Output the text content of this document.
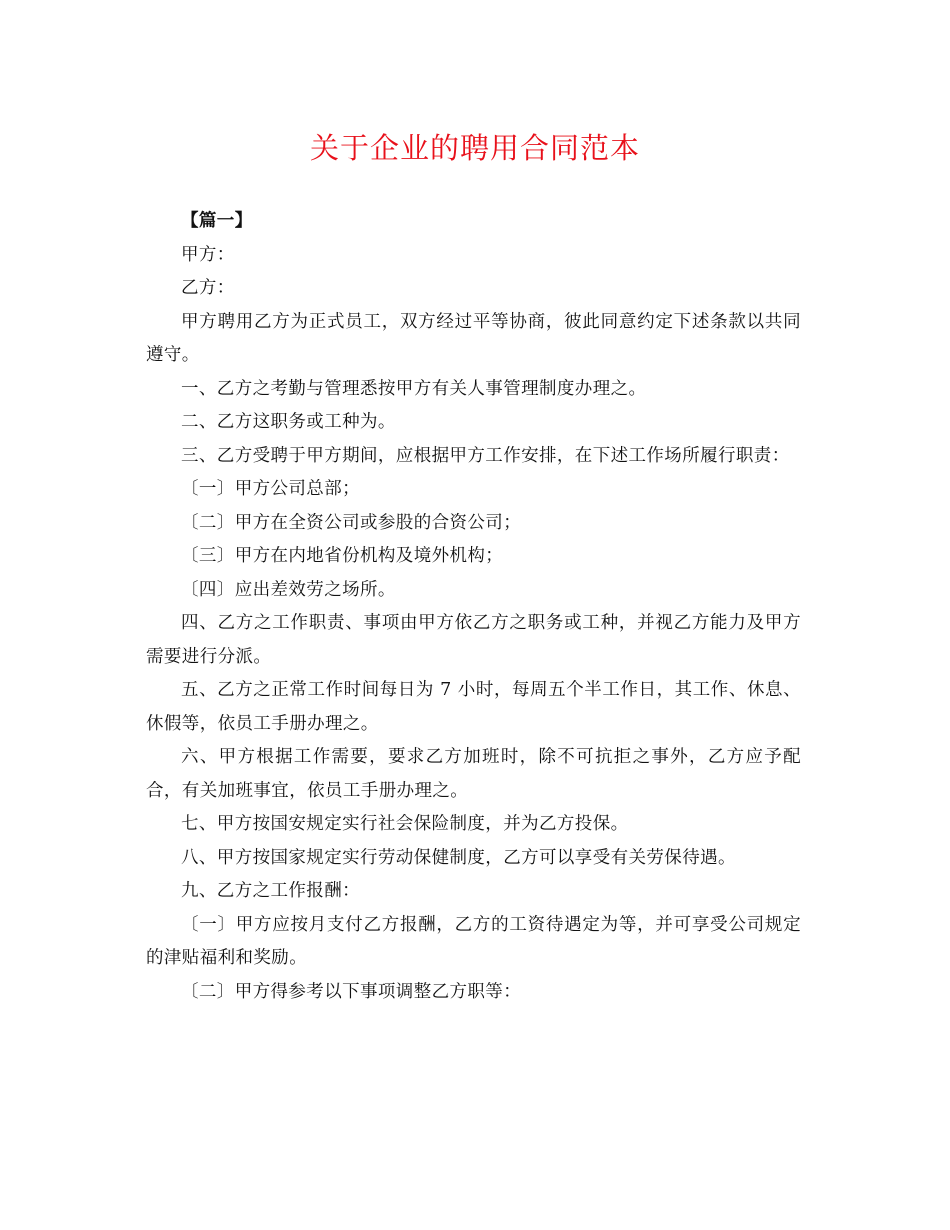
关于企业的聘用合同范本

【篇一】

甲方：

乙方：

甲方聘用乙方为正式员工，双方经过平等协商，彼此同意约定下述条款以共同遵守。

一、乙方之考勤与管理悉按甲方有关人事管理制度办理之。

二、乙方这职务或工种为。

三、乙方受聘于甲方期间，应根据甲方工作安排，在下述工作场所履行职责：

〔一〕甲方公司总部；

〔二〕甲方在全资公司或参股的合资公司；

〔三〕甲方在内地省份机构及境外机构；

〔四〕应出差效劳之场所。

四、乙方之工作职责、事项由甲方依乙方之职务或工种，并视乙方能力及甲方需要进行分派。

五、乙方之正常工作时间每日为 7 小时，每周五个半工作日，其工作、休息、休假等，依员工手册办理之。

六、甲方根据工作需要，要求乙方加班时，除不可抗拒之事外，乙方应予配合，有关加班事宜，依员工手册办理之。

七、甲方按国安规定实行社会保险制度，并为乙方投保。

八、甲方按国家规定实行劳动保健制度，乙方可以享受有关劳保待遇。

九、乙方之工作报酬：

〔一〕甲方应按月支付乙方报酬，乙方的工资待遇定为等，并可享受公司规定的津贴福利和奖励。

〔二〕甲方得参考以下事项调整乙方职等：
